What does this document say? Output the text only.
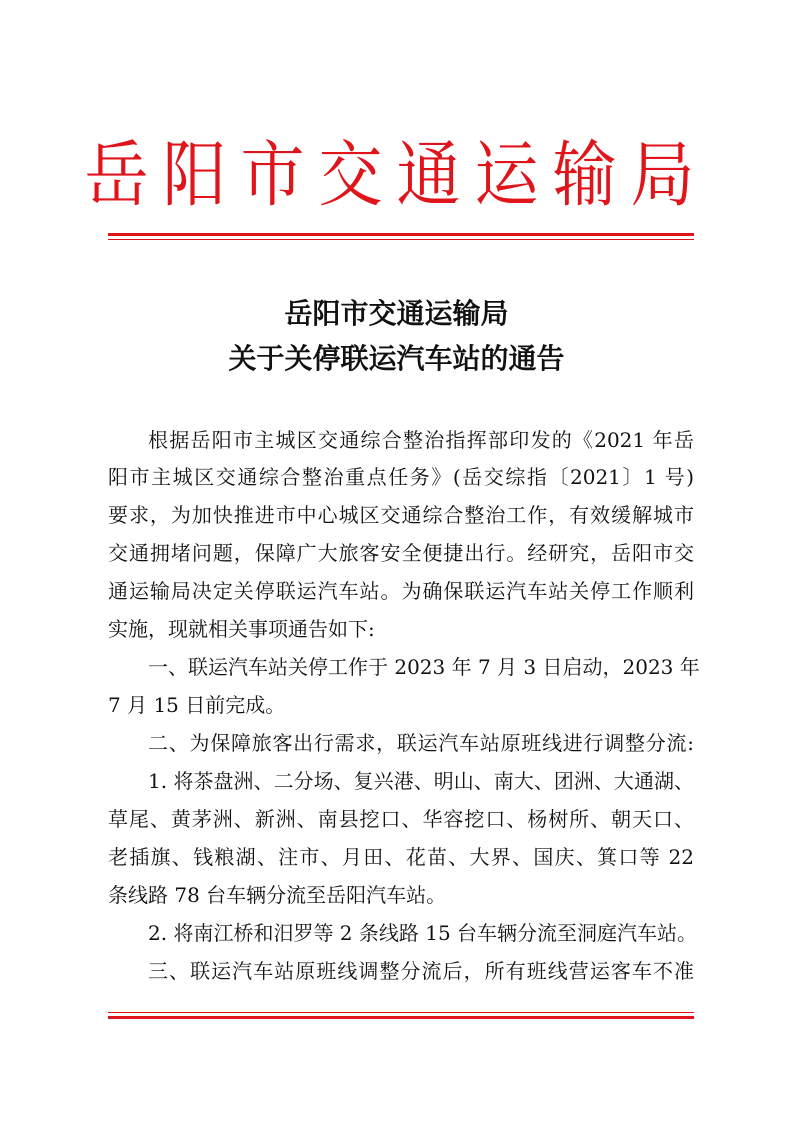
岳阳市交通运输局
岳阳市交通运输局
关于关停联运汽车站的通告
根据岳阳市主城区交通综合整治指挥部印发的《2021 年岳
阳市主城区交通综合整治重点任务》(岳交综指〔2021〕1 号)
要求，为加快推进市中心城区交通综合整治工作，有效缓解城市
交通拥堵问题，保障广大旅客安全便捷出行。经研究，岳阳市交
通运输局决定关停联运汽车站。为确保联运汽车站关停工作顺利
实施，现就相关事项通告如下:
一、联运汽车站关停工作于 2023 年 7 月 3 日启动，2023 年
7 月 15 日前完成。
二、为保障旅客出行需求，联运汽车站原班线进行调整分流:
1. 将茶盘洲、二分场、复兴港、明山、南大、团洲、大通湖、
草尾、黄茅洲、新洲、南县挖口、华容挖口、杨树所、朝天口、
老插旗、钱粮湖、注市、月田、花苗、大界、国庆、箕口等 22
条线路 78 台车辆分流至岳阳汽车站。
2. 将南江桥和汨罗等 2 条线路 15 台车辆分流至洞庭汽车站。
三、联运汽车站原班线调整分流后，所有班线营运客车不准
